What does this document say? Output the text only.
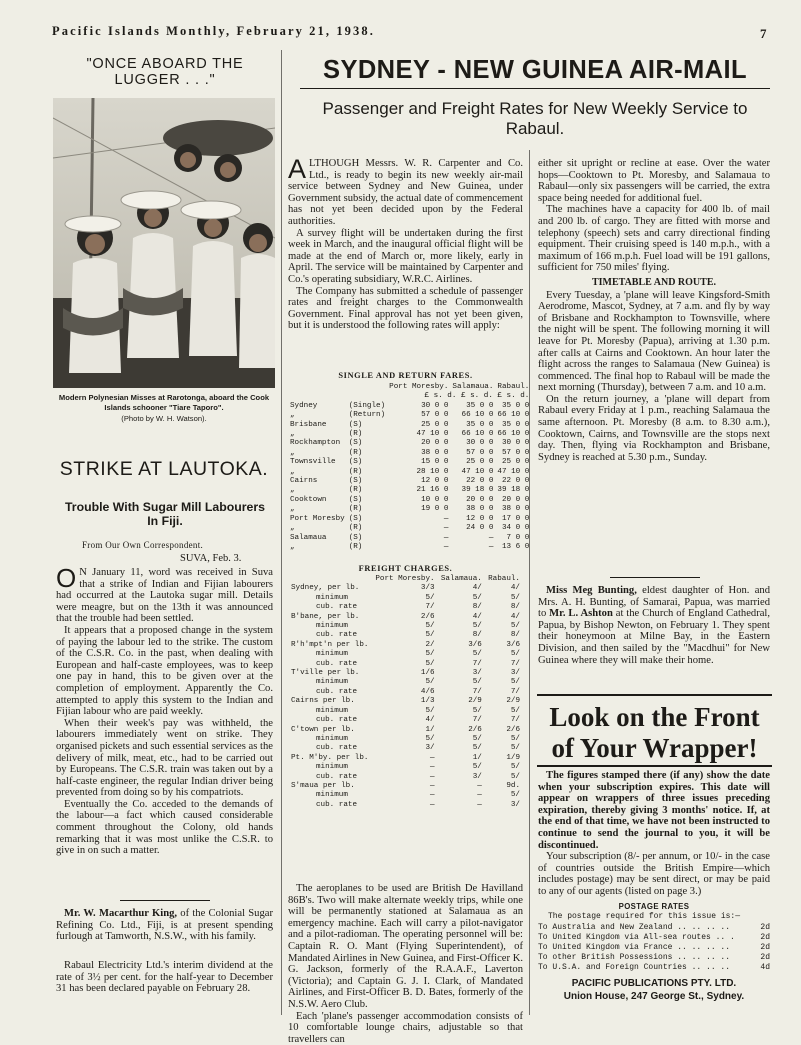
Pacific Islands Monthly, February 21, 1938.	7
"ONCE ABOARD THE LUGGER . . ."
Modern Polynesian Misses at Rarotonga, aboard the Cook Islands schooner "Tiare Taporo".
(Photo by W. H. Watson).
STRIKE AT LAUTOKA.
Trouble With Sugar Mill Labourers In Fiji.
From Our Own Correspondent.
SUVA, Feb. 3.
O N January 11, word was received in Suva that a strike of Indian and Fijian labourers had occurred at the Lautoka sugar mill. Details were meagre, but on the 13th it was announced that the trouble had been settled.

It appears that a proposed change in the system of paying the labour led to the strike. The custom of the C.S.R. Co. in the past, when dealing with European and half-caste employees, was to keep one pay in hand, this to be given over at the completion of employment. Apparently the Co. attempted to apply this system to the Indian and Fijian labour who are paid weekly.

When their week's pay was withheld, the labourers immediately went on strike. They organised pickets and such essential services as the delivery of milk, meat, etc., had to be carried out by Europeans. The C.S.R. train was taken out by a half-caste engineer, the regular Indian driver being prevented from doing so by his compatriots.

Eventually the Co. acceded to the demands of the labour—a fact which caused considerable comment throughout the Colony, old hands remarking that it was most unlike the C.S.R. to give in on such a matter.

Mr. W. Macarthur King, of the Colonial Sugar Refining Co. Ltd., Fiji, is at present spending furlough at Tamworth, N.S.W., with his family.

Rabaul Electricity Ltd.'s interim dividend at the rate of 3½ per cent. for the half-year to December 31 has been declared payable on February 28.

SYDNEY - NEW GUINEA AIR-MAIL
Passenger and Freight Rates for New Weekly Service to Rabaul.
A LTHOUGH Messrs. W. R. Carpenter and Co. Ltd., is ready to begin its new weekly air-mail service between Sydney and New Guinea, under Government subsidy, the actual date of commencement has not yet been decided upon by the Federal authorities.

A survey flight will be undertaken during the first week in March, and the inaugural official flight will be made at the end of March or, more likely, early in April. The service will be maintained by Carpenter and Co.'s operating subsidiary, W.R.C. Airlines.

The Company has submitted a schedule of passenger rates and freight charges to the Commonwealth Government. Final approval has not yet been given, but it is understood the following rates will apply:

SINGLE AND RETURN FARES.
		Port Moresby.	Salamaua.	Rabaul.
		£ s. d. £ s. d. £ s. d.		
Sydney	(Single)	30 0 0	35 0 0	35 0 0
„	(Return)	57 0 0	66 10 0	66 10 0
Brisbane	(S)	25 0 0	35 0 0	35 0 0
„	(R)	47 10 0	66 10 0	66 10 0
Rockhampton	(S)	20 0 0	30 0 0	30 0 0
„	(R)	38 0 0	57 0 0	57 0 0
Townsville	(S)	15 0 0	25 0 0	25 0 0
„	(R)	28 10 0	47 10 0	47 10 0
Cairns	(S)	12 0 0	22 0 0	22 0 0
„	(R)	21 16 0	39 18 0	39 18 0
Cooktown	(S)	10 0 0	20 0 0	20 0 0
„	(R)	19 0 0	38 0 0	38 0 0
Port Moresby	(S)	—	12 0 0	17 0 0
„	(R)	—	24 0 0	34 0 0
Salamaua	(S)	—	—	7 0 0
„	(R)	—	—	13 6 0
FREIGHT CHARGES.
	Port Moresby.	Salamaua.	Rabaul.
Sydney, per lb.	3/3	4/	4/
minimum	5/	5/	5/
cub. rate	7/	8/	8/
B'bane, per lb.	2/6	4/	4/
minimum	5/	5/	5/
cub. rate	5/	8/	8/
R'h'mpt'n per lb.	2/	3/6	3/6
minimum	5/	5/	5/
cub. rate	5/	7/	7/
T'ville per lb.	1/6	3/	3/
minimum	5/	5/	5/
cub. rate	4/6	7/	7/
Cairns per lb.	1/3	2/9	2/9
minimum	5/	5/	5/
cub. rate	4/	7/	7/
C'town per lb.	1/	2/6	2/6
minimum	5/	5/	5/
cub. rate	3/	5/	5/
Pt. M'by. per lb.	—	1/	1/9
minimum	—	5/	5/
cub. rate	—	3/	5/
S'maua per lb.	—	—	9d.
minimum	—	—	5/
cub. rate	—	—	3/

The aeroplanes to be used are British De Havilland 86B's. Two will make alternate weekly trips, while one will be permanently stationed at Salamaua as an emergency machine. Each will carry a pilot-navigator and a pilot-radioman. The operating personnel will be: Captain R. O. Mant (Flying Superintendent), of Mandated Airlines in New Guinea, and First-Officer K. G. Jackson, formerly of the R.A.A.F., Laverton (Victoria); and Captain G. J. I. Clark, of Mandated Airlines, and First-Officer B. D. Bates, formerly of the N.S.W. Aero Club.

Each 'plane's passenger accommodation consists of 10 comfortable lounge chairs, adjustable so that travellers can

either sit upright or recline at ease. Over the water hops—Cooktown to Pt. Moresby, and Salamaua to Rabaul—only six passengers will be carried, the extra space being needed for additional fuel.

The machines have a capacity for 400 lb. of mail and 200 lb. of cargo. They are fitted with morse and telephony (speech) sets and carry directional finding equipment. Their cruising speed is 140 m.p.h., with a maximum of 166 m.p.h. Fuel load will be 191 gallons, sufficient for 750 miles' flying.

TIMETABLE AND ROUTE.

Every Tuesday, a 'plane will leave Kingsford-Smith Aerodrome, Mascot, Sydney, at 7 a.m. and fly by way of Brisbane and Rockhampton to Townsville, where the night will be spent. The following morning it will leave for Pt. Moresby (Papua), arriving at 1.30 p.m. after calls at Cairns and Cooktown. An hour later the flight across the ranges to Salamaua (New Guinea) is commenced. The final hop to Rabaul will be made the next morning (Thursday), between 7 a.m. and 10 a.m.

On the return journey, a 'plane will depart from Rabaul every Friday at 1 p.m., reaching Salamaua the same afternoon. Pt. Moresby (8 a.m. to 8.30 a.m.), Cooktown, Cairns, and Townsville are the stops next day. Then, flying via Rockhampton and Brisbane, Sydney is reached at 5.30 p.m., Sunday.

Miss Meg Bunting, eldest daughter of Hon. and Mrs. A. H. Bunting, of Samarai, Papua, was married to Mr. L. Ashton at the Church of England Cathedral, Papua, by Bishop Newton, on February 1. They spent their honeymoon at Milne Bay, in the Eastern Division, and then sailed by the "Macdhui" for New Guinea where they will make their home.

Look on the Front of Your Wrapper!

The figures stamped there (if any) show the date when your subscription expires. This date will appear on wrappers of three issues preceding expiration, thereby giving 3 months' notice. If, at the end of that time, we have not been instructed to continue to send the journal to you, it will be discontinued.

Your subscription (8/- per annum, or 10/- in the case of countries outside the British Empire—which includes postage) may be sent direct, or may be paid to any of our agents (listed on page 3.)

POSTAGE RATES
The postage required for this issue is:—
To Australia and New Zealand .. .. .. ..	2d
To United Kingdom via All-sea routes .. .	2d
To United Kingdom via France .. .. .. ..	2d
To other British Possessions .. .. .. ..	2d
To U.S.A. and Foreign Countries .. .. ..	4d
PACIFIC PUBLICATIONS PTY. LTD.
Union House, 247 George St., Sydney.
